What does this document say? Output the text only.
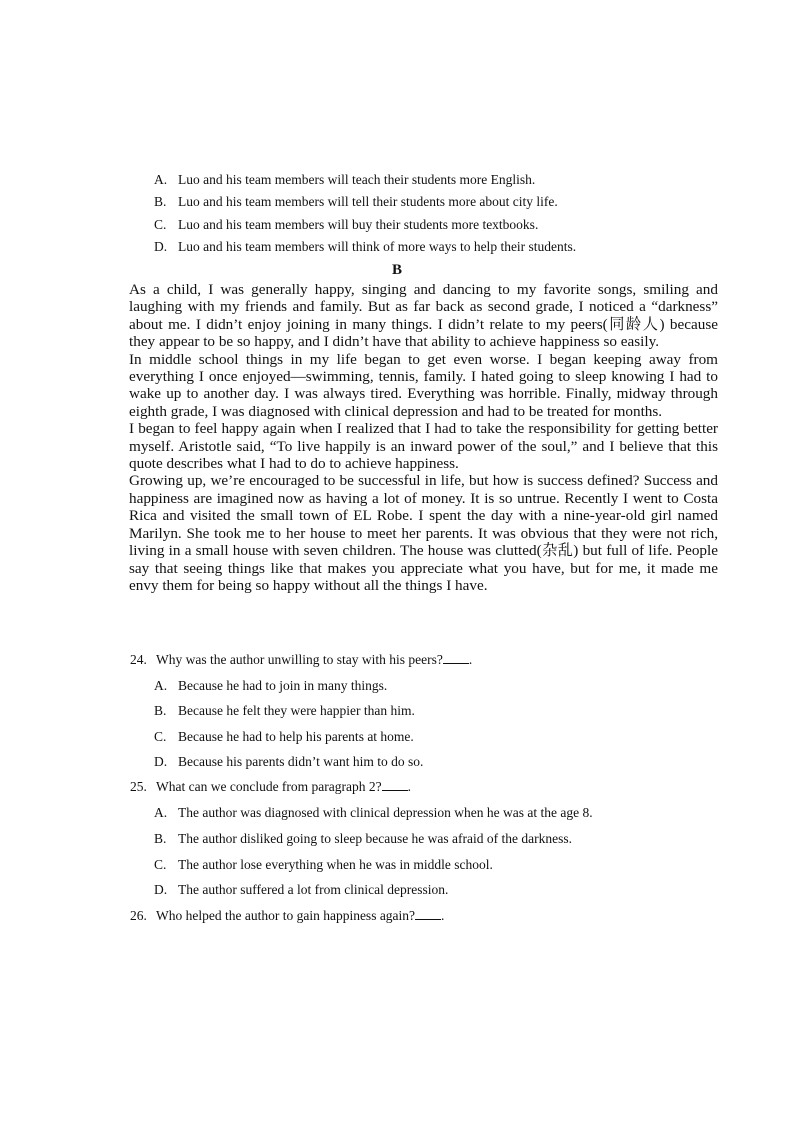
A. Luo and his team members will teach their students more English.
B. Luo and his team members will tell their students more about city life.
C. Luo and his team members will buy their students more textbooks.
D. Luo and his team members will think of more ways to help their students.
B

As a child, I was generally happy, singing and dancing to my favorite songs, smiling and laughing with my friends and family. But as far back as second grade, I noticed a “darkness” about me. I didn’t enjoy joining in many things. I didn’t relate to my peers(同龄人) because they appear to be so happy, and I didn’t have that ability to achieve happiness so easily.

In middle school things in my life began to get even worse. I began keeping away from everything I once enjoyed—swimming, tennis, family. I hated going to sleep knowing I had to wake up to another day. I was always tired. Everything was horrible. Finally, midway through eighth grade, I was diagnosed with clinical depression and had to be treated for months.

I began to feel happy again when I realized that I had to take the responsibility for getting better myself. Aristotle said, “To live happily is an inward power of the soul,” and I believe that this quote describes what I had to do to achieve happiness.

Growing up, we’re encouraged to be successful in life, but how is success defined? Success and happiness are imagined now as having a lot of money. It is so untrue. Recently I went to Costa Rica and visited the small town of EL Robe. I spent the day with a nine-year-old girl named Marilyn. She took me to her house to meet her parents. It was obvious that they were not rich, living in a small house with seven children. The house was clutted(杂乱) but full of life. People say that seeing things like that makes you appreciate what you have, but for me, it made me envy them for being so happy without all the things I have.

24. Why was the author unwilling to stay with his peers? .
A. Because he had to join in many things.
B. Because he felt they were happier than him.
C. Because he had to help his parents at home.
D. Because his parents didn’t want him to do so.
25. What can we conclude from paragraph 2? .
A. The author was diagnosed with clinical depression when he was at the age 8.
B. The author disliked going to sleep because he was afraid of the darkness.
C. The author lose everything when he was in middle school.
D. The author suffered a lot from clinical depression.
26. Who helped the author to gain happiness again? .
